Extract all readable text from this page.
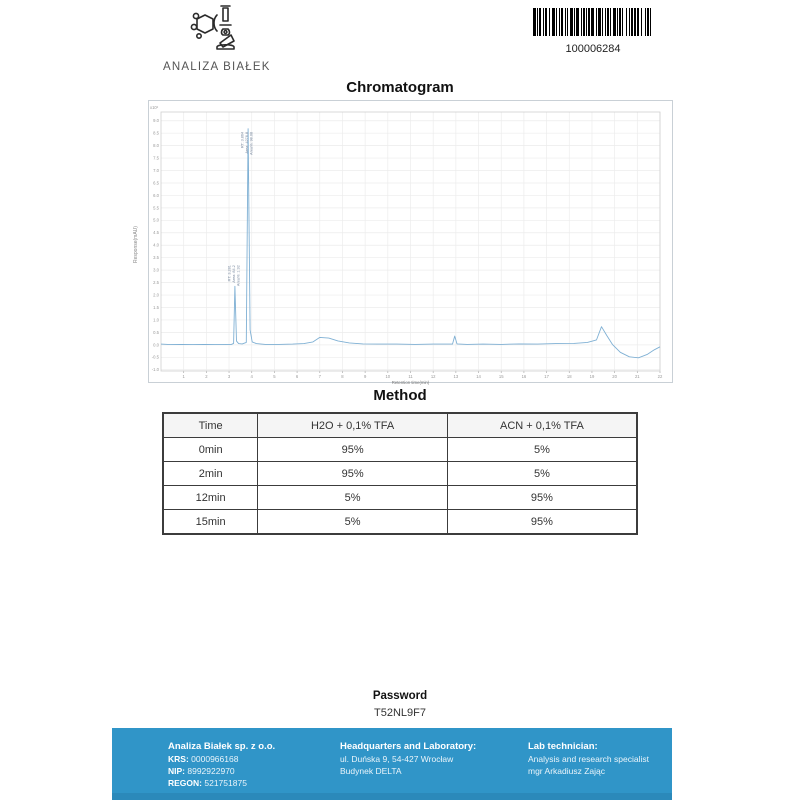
ANALIZA BIAŁEK
100006284
Chromatogram
Response(mAU)
9.0
8.5
8.0
7.5
7.0
6.5
6.0
5.5
5.0
4.5
4.0
3.5
3.0
2.5
2.0
1.5
1.0
0.5
0.0
-0.5
-1.0
1	2	3	4	5	6	7	8	9	10	11	12	13	14	15	16	17	18	19	20	21	22
x10²
Retention time(min)
RT: 3.281 Area: 84.2 Area%: 1.92
RT: 3.864 Area: 4276.8 Area%: 98.08
Method
Time	H2O + 0,1% TFA	ACN + 0,1% TFA
0min	95%	5%
2min	95%	5%
12min	5%	95%
15min	5%	95%
Password
T52NL9F7
Analiza Białek sp. z o.o.
KRS: 0000966168
NIP: 8992922970
REGON: 521751875
Headquarters and Laboratory:
ul. Duńska 9, 54-427 Wrocław
Budynek DELTA
Lab technician:
Analysis and research specialist
mgr Arkadiusz Zając
